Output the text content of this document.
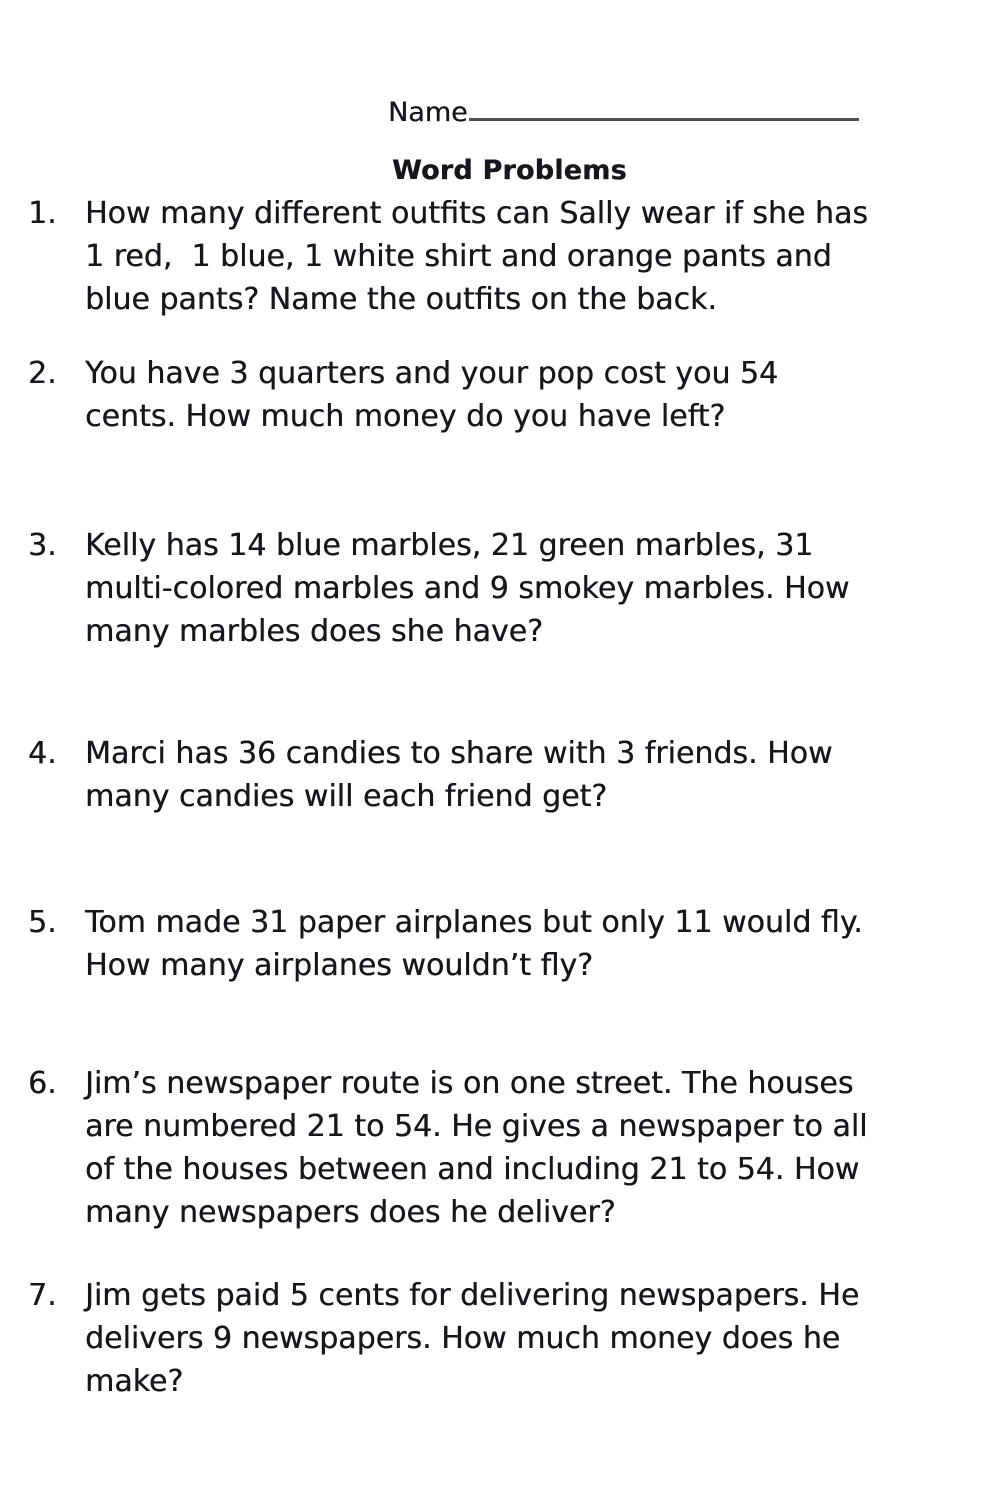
Name
Word Problems
1. How many different outfits can Sally wear if she has
1 red,  1 blue, 1 white shirt and orange pants and
blue pants? Name the outfits on the back.
2. You have 3 quarters and your pop cost you 54
cents. How much money do you have left?
3. Kelly has 14 blue marbles, 21 green marbles, 31
multi-colored marbles and 9 smokey marbles. How
many marbles does she have?
4. Marci has 36 candies to share with 3 friends. How
many candies will each friend get?
5. Tom made 31 paper airplanes but only 11 would fly.
How many airplanes wouldn’t fly?
6. Jim’s newspaper route is on one street. The houses
are numbered 21 to 54. He gives a newspaper to all
of the houses between and including 21 to 54. How
many newspapers does he deliver?
7. Jim gets paid 5 cents for delivering newspapers. He
delivers 9 newspapers. How much money does he
make?
